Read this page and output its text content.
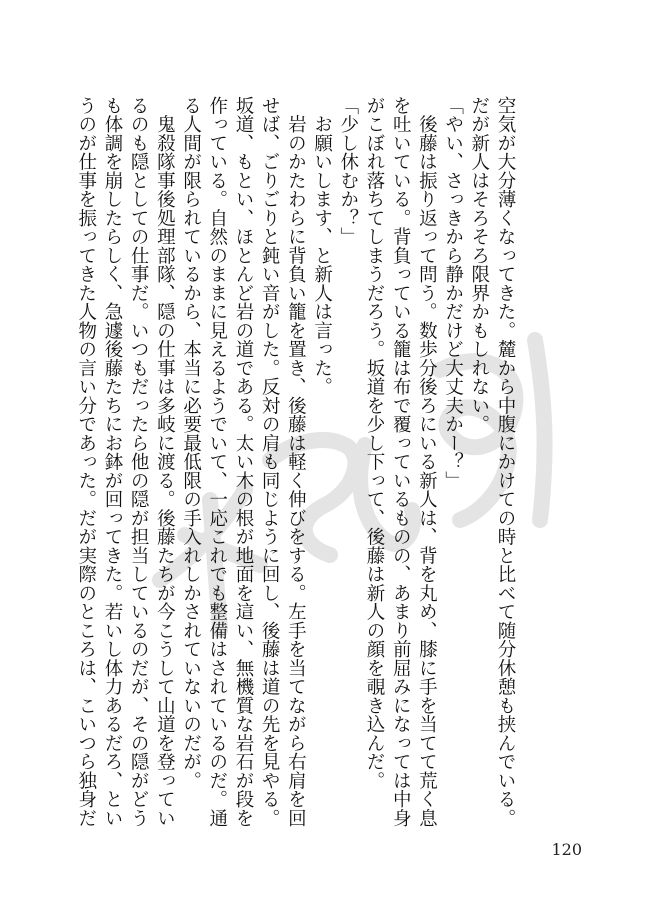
空気が大分薄くなってきた。麓から中腹にかけての時と比べて随分休憩も挟んでいる。

だが新人はそろそろ限界かもしれない。

「やい、さっきから静かだけど大丈夫かー？」

　後藤は振り返って問う。数歩分後ろにいる新人は、背を丸め、膝に手を当てて荒く息

を吐いている。背負っている籠は布で覆っているものの、あまり前屈みになっては中身

がこぼれ落ちてしまうだろう。坂道を少し下って、後藤は新人の顔を覗き込んだ。

「少し休むか？」

　お願いします、と新人は言った。

　岩のかたわらに背負い籠を置き、後藤は軽く伸びをする。左手を当てながら右肩を回

せば、ごりごりと鈍い音がした。反対の肩も同じように回し、後藤は道の先を見やる。

坂道、もとい、ほとんど岩の道である。太い木の根が地面を這い、無機質な岩石が段を

作っている。自然のままに見えるようでいて、一応これでも整備はされているのだ。通

る人間が限られているから、本当に必要最低限の手入れしかされていないのだが。

　鬼殺隊事後処理部隊、隠の仕事は多岐に渡る。後藤たちが今こうして山道を登ってい

るのも隠としての仕事だ。いつもだったら他の隠が担当しているのだが、その隠がどう

も体調を崩したらしく、急遽後藤たちにお鉢が回ってきた。若いし体力あるだろ、とい

うのが仕事を振ってきた人物の言い分であった。だが実際のところは、こいつら独身だ

120
